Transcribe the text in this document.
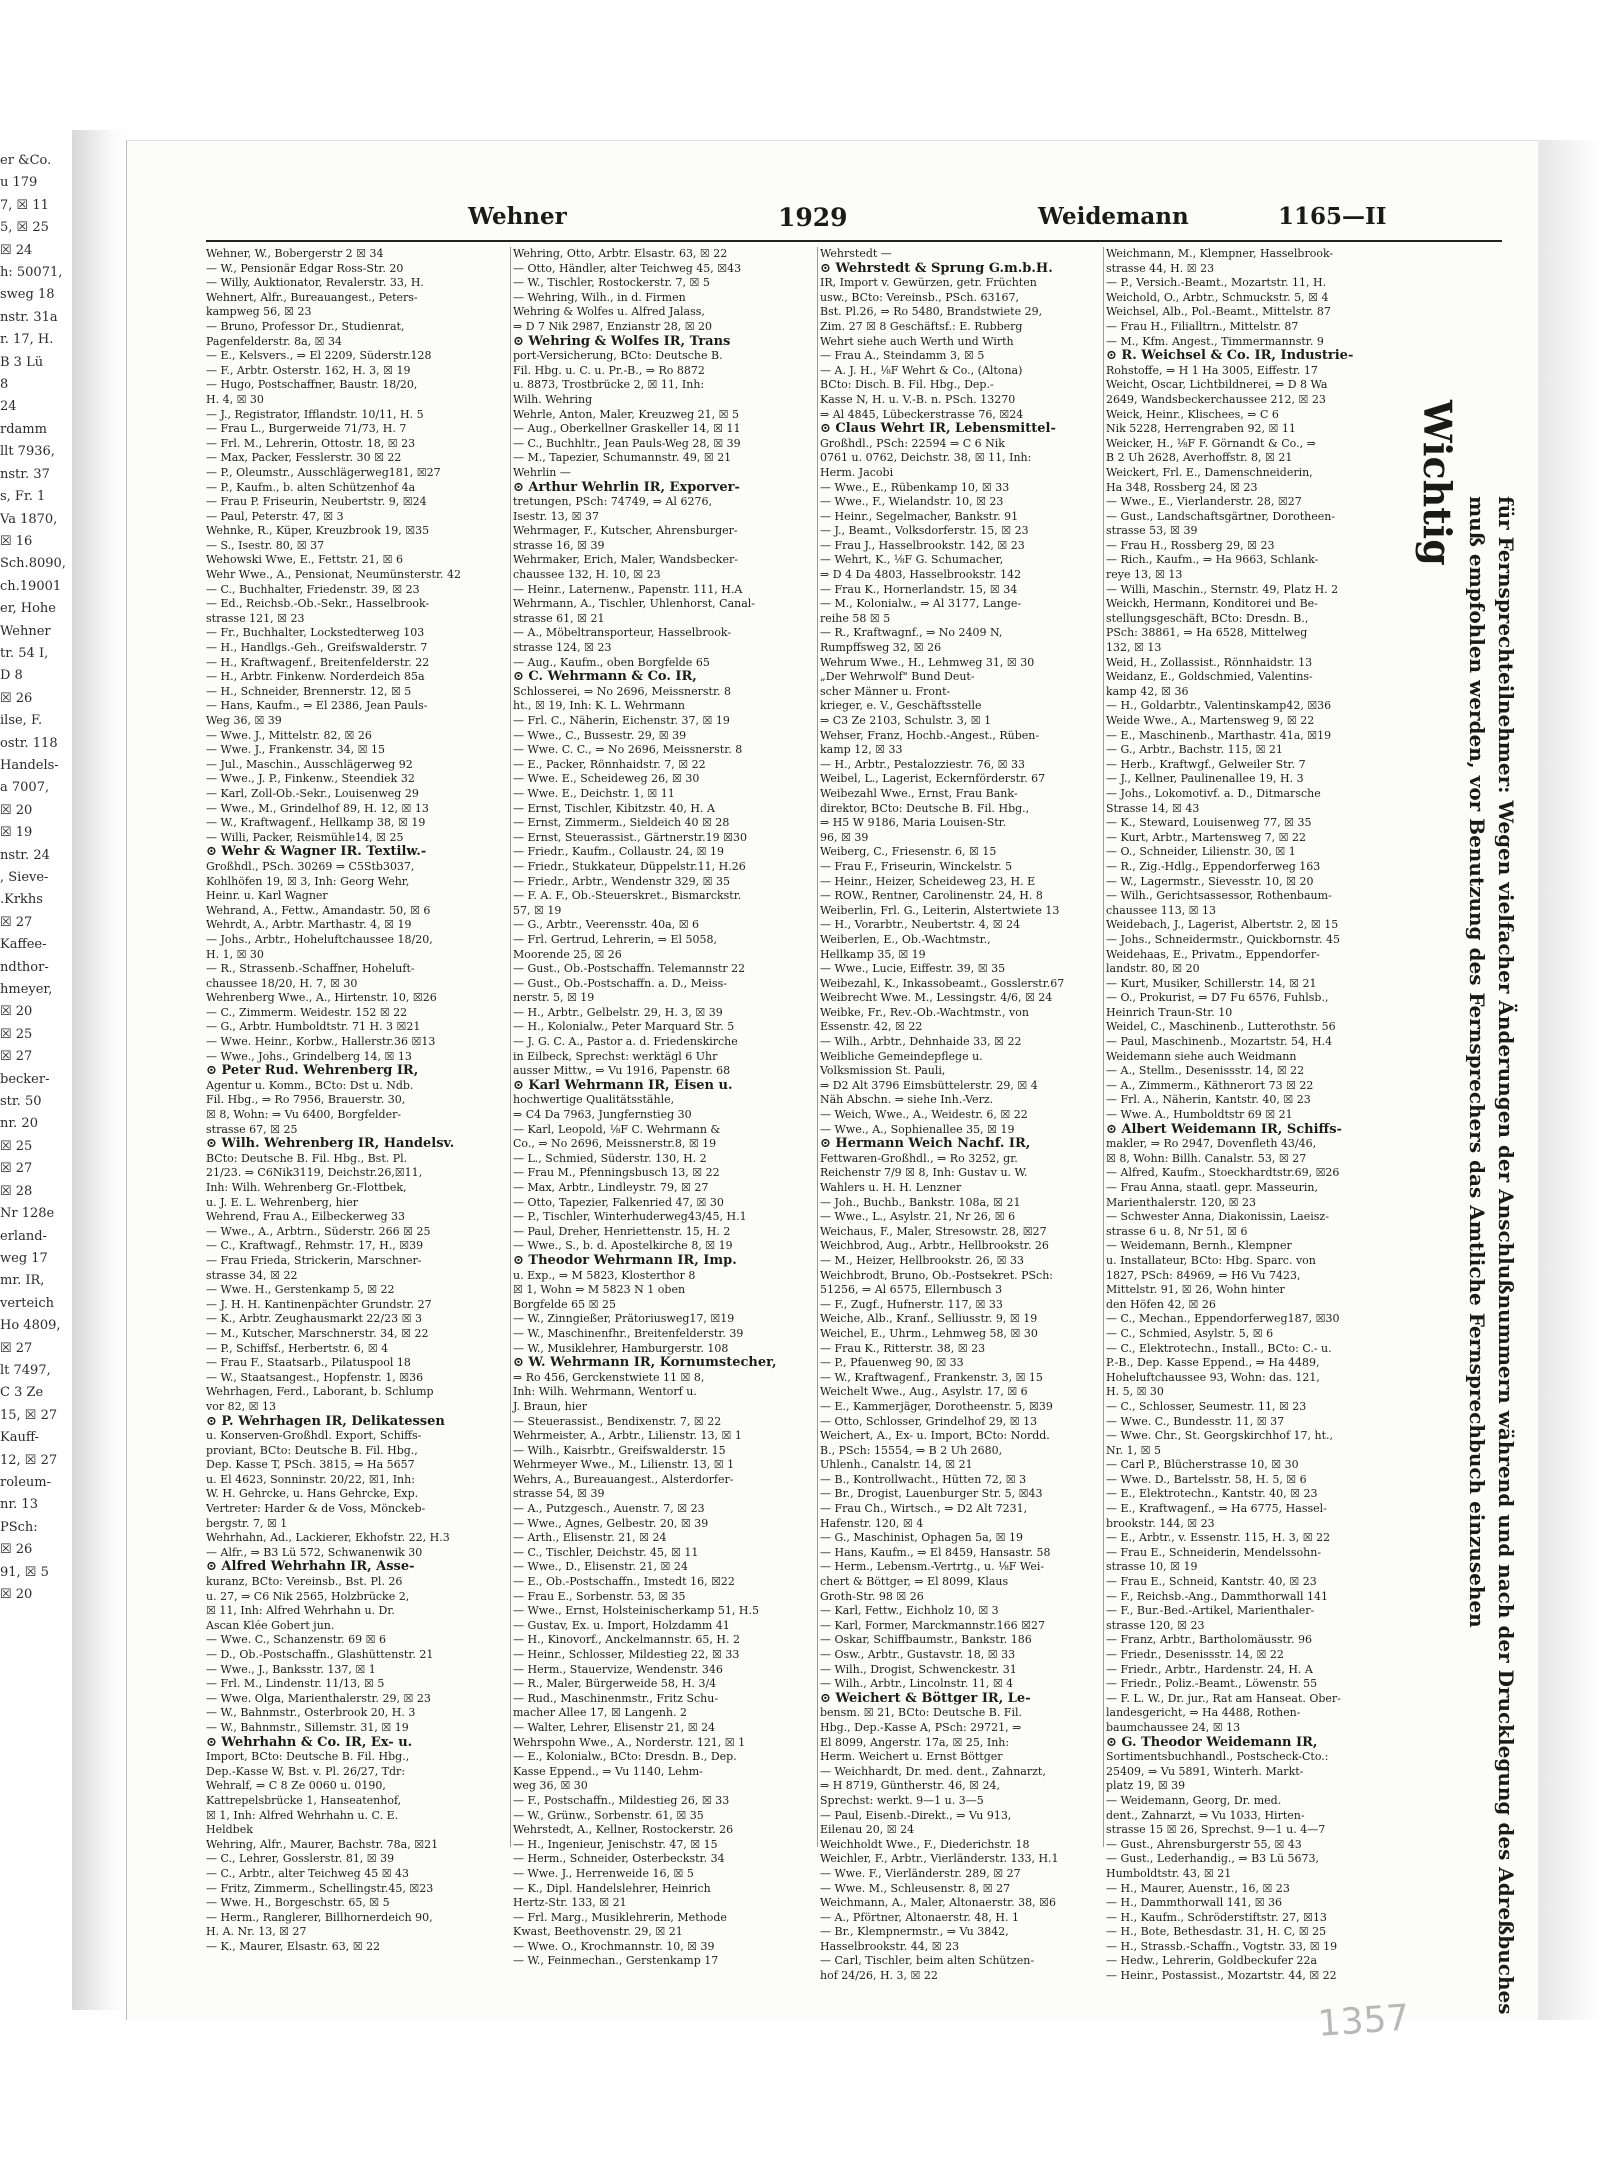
er &Co.
u 179
7, ☒ 11
5, ☒ 25
☒ 24
h: 50071,
sweg 18
nstr. 31a
r. 17, H.
B 3 Lü
8
24
rdamm
llt 7936,
nstr. 37
s, Fr. 1
Va 1870,
☒ 16
Sch.8090,
ch.19001
er, Hohe
Wehner
tr. 54 I,
D 8
☒ 26
ilse, F.
ostr. 118
Handels-
a 7007,
☒ 20
☒ 19
nstr. 24
, Sieve-
.Krkhs
☒ 27
Kaffee-
ndthor-
hmeyer,
☒ 20
☒ 25
☒ 27
becker-
str. 50
nr. 20
☒ 25
☒ 27
☒ 28
Nr 128e
erland-
weg 17
mr. IR,
verteich
Ho 4809,
☒ 27
lt 7497,
C 3 Ze
15, ☒ 27
Kauff-
12, ☒ 27
roleum-
nr. 13
PSch:
☒ 26
91, ☒ 5
☒ 20
Wehner	1929	Weidemann	1165—II

Wehner, W., Bobergerstr 2 ☒ 34

— W., Pensionär Edgar Ross-Str. 20

— Willy, Auktionator, Revalerstr. 33, H.

Wehnert, Alfr., Bureauangest., Peters-

kampweg 56, ☒ 23

— Bruno, Professor Dr., Studienrat,

Pagenfelderstr. 8a, ☒ 34

— E., Kelsvers., ⇒ El 2209, Süderstr.128

— F., Arbtr. Osterstr. 162, H. 3, ☒ 19

— Hugo, Postschaffner, Baustr. 18/20,

H. 4, ☒ 30

— J., Registrator, Ifflandstr. 10/11, H. 5

— Frau L., Burgerweide 71/73, H. 7

— Frl. M., Lehrerin, Ottostr. 18, ☒ 23

— Max, Packer, Fesslerstr. 30 ☒ 22

— P., Oleumstr., Ausschlägerweg181, ☒27

— P., Kaufm., b. alten Schützenhof 4a

— Frau P. Friseurin, Neubertstr. 9, ☒24

— Paul, Peterstr. 47, ☒ 3

Wehnke, R., Küper, Kreuzbrook 19, ☒35

— S., Isestr. 80, ☒ 37

Wehowski Wwe, E., Fettstr. 21, ☒ 6

Wehr Wwe., A., Pensionat, Neumünsterstr. 42

— C., Buchhalter, Friedenstr. 39, ☒ 23

— Ed., Reichsb.-Ob.-Sekr., Hasselbrook-

strasse 121, ☒ 23

— Fr., Buchhalter, Lockstedterweg 103

— H., Handlgs.-Geh., Greifswalderstr. 7

— H., Kraftwagenf., Breitenfelderstr. 22

— H., Arbtr. Finkenw. Norderdeich 85a

— H., Schneider, Brennerstr. 12, ☒ 5

— Hans, Kaufm., ⇒ El 2386, Jean Pauls-

Weg 36, ☒ 39

— Wwe. J., Mittelstr. 82, ☒ 26

— Wwe. J., Frankenstr. 34, ☒ 15

— Jul., Maschin., Ausschlägerweg 92

— Wwe., J. P., Finkenw., Steendiek 32

— Karl, Zoll-Ob.-Sekr., Louisenweg 29

— Wwe., M., Grindelhof 89, H. 12, ☒ 13

— W., Kraftwagenf., Hellkamp 38, ☒ 19

— Willi, Packer, Reismühle14, ☒ 25

⊙ Wehr & Wagner IR. Textilw.-

Großhdl., PSch. 30269 ⇒ C5Stb3037,

Kohlhöfen 19, ☒ 3, Inh: Georg Wehr,

Heinr. u. Karl Wagner

Wehrand, A., Fettw., Amandastr. 50, ☒ 6

Wehrdt, A., Arbtr. Marthastr. 4, ☒ 19

— Johs., Arbtr., Hoheluftchaussee 18/20,

H. 1, ☒ 30

— R., Strassenb.-Schaffner, Hoheluft-

chaussee 18/20, H. 7, ☒ 30

Wehrenberg Wwe., A., Hirtenstr. 10, ☒26

— C., Zimmerm. Weidestr. 152 ☒ 22

— G., Arbtr. Humboldtstr. 71 H. 3 ☒21

— Wwe. Heinr., Korbw., Hallerstr.36 ☒13

— Wwe., Johs., Grindelberg 14, ☒ 13

⊙ Peter Rud. Wehrenberg IR,

Agentur u. Komm., BCto: Dst u. Ndb.

Fil. Hbg., ⇒ Ro 7956, Brauerstr. 30,

☒ 8, Wohn: ⇒ Vu 6400, Borgfelder-

strasse 67, ☒ 25

⊙ Wilh. Wehrenberg IR, Handelsv.

BCto: Deutsche B. Fil. Hbg., Bst. Pl.

21/23. ⇒ C6Nik3119, Deichstr.26,☒11,

Inh: Wilh. Wehrenberg Gr.-Flottbek,

u. J. E. L. Wehrenberg, hier

Wehrend, Frau A., Eilbeckerweg 33

— Wwe., A., Arbtrn., Süderstr. 266 ☒ 25

— C., Kraftwagf., Rehmstr. 17, H., ☒39

— Frau Frieda, Strickerin, Marschner-

strasse 34, ☒ 22

— Wwe. H., Gerstenkamp 5, ☒ 22

— J. H. H. Kantinenpächter Grundstr. 27

— K., Arbtr. Zeughausmarkt 22/23 ☒ 3

— M., Kutscher, Marschnerstr. 34, ☒ 22

— P., Schiffsf., Herbertstr. 6, ☒ 4

— Frau F., Staatsarb., Pilatuspool 18

— W., Staatsangest., Hopfenstr. 1, ☒36

Wehrhagen, Ferd., Laborant, b. Schlump

vor 82, ☒ 13

⊙ P. Wehrhagen IR, Delikatessen

u. Konserven-Großhdl. Export, Schiffs-

proviant, BCto: Deutsche B. Fil. Hbg.,

Dep. Kasse T, PSch. 3815, ⇒ Ha 5657

u. El 4623, Sonninstr. 20/22, ☒1, Inh:

W. H. Gehrcke, u. Hans Gehrcke, Exp.

Vertreter: Harder & de Voss, Mönckeb-

bergstr. 7, ☒ 1

Wehrhahn, Ad., Lackierer, Ekhofstr. 22, H.3

— Alfr., ⇒ B3 Lü 572, Schwanenwik 30

⊙ Alfred Wehrhahn IR, Asse-

kuranz, BCto: Vereinsb., Bst. Pl. 26

u. 27, ⇒ C6 Nik 2565, Holzbrücke 2,

☒ 11, Inh: Alfred Wehrhahn u. Dr.

Ascan Klée Gobert jun.

— Wwe. C., Schanzenstr. 69 ☒ 6

— D., Ob.-Postschaffn., Glashüttenstr. 21

— Wwe., J., Banksstr. 137, ☒ 1

— Frl. M., Lindenstr. 11/13, ☒ 5

— Wwe. Olga, Marienthalerstr. 29, ☒ 23

— W., Bahnmstr., Osterbrook 20, H. 3

— W., Bahnmstr., Sillemstr. 31, ☒ 19

⊙ Wehrhahn & Co. IR, Ex- u.

Import, BCto: Deutsche B. Fil. Hbg.,

Dep.-Kasse W, Bst. v. Pl. 26/27, Tdr:

Wehralf, ⇒ C 8 Ze 0060 u. 0190,

Kattrepelsbrücke 1, Hanseatenhof,

☒ 1, Inh: Alfred Wehrhahn u. C. E.

Heldbek

Wehring, Alfr., Maurer, Bachstr. 78a, ☒21

— C., Lehrer, Gosslerstr. 81, ☒ 39

— C., Arbtr., alter Teichweg 45 ☒ 43

— Fritz, Zimmerm., Schellingstr.45, ☒23

— Wwe. H., Borgeschstr. 65, ☒ 5

— Herm., Ranglerer, Billhornerdeich 90,

H. A. Nr. 13, ☒ 27

— K., Maurer, Elsastr. 63, ☒ 22

Wehring, Otto, Arbtr. Elsastr. 63, ☒ 22

— Otto, Händler, alter Teichweg 45, ☒43

— W., Tischler, Rostockerstr. 7, ☒ 5

— Wehring, Wilh., in d. Firmen

Wehring & Wolfes u. Alfred Jalass,

⇒ D 7 Nik 2987, Enzianstr 28, ☒ 20

⊙ Wehring & Wolfes IR, Trans

port-Versicherung, BCto: Deutsche B.

Fil. Hbg. u. C. u. Pr.-B., ⇒ Ro 8872

u. 8873, Trostbrücke 2, ☒ 11, Inh:

Wilh. Wehring

Wehrle, Anton, Maler, Kreuzweg 21, ☒ 5

— Aug., Oberkellner Graskeller 14, ☒ 11

— C., Buchhltr., Jean Pauls-Weg 28, ☒ 39

— M., Tapezier, Schumannstr. 49, ☒ 21

Wehrlin —

⊙ Arthur Wehrlin IR, Exporver-

tretungen, PSch: 74749, ⇒ Al 6276,

Isestr. 13, ☒ 37

Wehrmager, F., Kutscher, Ahrensburger-

strasse 16, ☒ 39

Wehrmaker, Erich, Maler, Wandsbecker-

chaussee 132, H. 10, ☒ 23

— Heinr., Laternenw., Papenstr. 111, H.A

Wehrmann, A., Tischler, Uhlenhorst, Canal-

strasse 61, ☒ 21

— A., Möbeltransporteur, Hasselbrook-

strasse 124, ☒ 23

— Aug., Kaufm., oben Borgfelde 65

⊙ C. Wehrmann & Co. IR,

Schlosserei, ⇒ No 2696, Meissnerstr. 8

ht., ☒ 19, Inh: K. L. Wehrmann

— Frl. C., Näherin, Eichenstr. 37, ☒ 19

— Wwe., C., Bussestr. 29, ☒ 39

— Wwe. C. C., ⇒ No 2696, Meissnerstr. 8

— E., Packer, Rönnhaidstr. 7, ☒ 22

— Wwe. E., Scheideweg 26, ☒ 30

— Wwe. E., Deichstr. 1, ☒ 11

— Ernst, Tischler, Kibitzstr. 40, H. A

— Ernst, Zimmerm., Sieldeich 40 ☒ 28

— Ernst, Steuerassist., Gärtnerstr.19 ☒30

— Friedr., Kaufm., Collaustr. 24, ☒ 19

— Friedr., Stukkateur, Düppelstr.11, H.26

— Friedr., Arbtr., Wendenstr 329, ☒ 35

— F. A. F., Ob.-Steuerskret., Bismarckstr.

57, ☒ 19

— G., Arbtr., Veerensstr. 40a, ☒ 6

— Frl. Gertrud, Lehrerin, ⇒ El 5058,

Moorende 25, ☒ 26

— Gust., Ob.-Postschaffn. Telemannstr 22

— Gust., Ob.-Postschaffn. a. D., Meiss-

nerstr. 5, ☒ 19

— H., Arbtr., Gelbelstr. 29, H. 3, ☒ 39

— H., Kolonialw., Peter Marquard Str. 5

— J. G. C. A., Pastor a. d. Friedenskirche

in Eilbeck, Sprechst: werktägl 6 Uhr

ausser Mittw., ⇒ Vu 1916, Papenstr. 68

⊙ Karl Wehrmann IR, Eisen u.

hochwertige Qualitätsstähle,

⇒ C4 Da 7963, Jungfernstieg 30

— Karl, Leopold, ⅛F C. Wehrmann &

Co., ⇒ No 2696, Meissnerstr.8, ☒ 19

— L., Schmied, Süderstr. 130, H. 2

— Frau M., Pfenningsbusch 13, ☒ 22

— Max, Arbtr., Lindleystr. 79, ☒ 27

— Otto, Tapezier, Falkenried 47, ☒ 30

— P., Tischler, Winterhuderweg43/45, H.1

— Paul, Dreher, Henriettenstr. 15, H. 2

— Wwe., S., b. d. Apostelkirche 8, ☒ 19

⊙ Theodor Wehrmann IR, Imp.

u. Exp., ⇒ M 5823, Klosterthor 8

☒ 1, Wohn ⇒ M 5823 N 1 oben

Borgfelde 65 ☒ 25

— W., Zinngießer, Prätoriusweg17, ☒19

— W., Maschinenfhr., Breitenfelderstr. 39

— W., Musiklehrer, Hamburgerstr. 108

⊙ W. Wehrmann IR, Kornumstecher,

⇒ Ro 456, Gerckenstwiete 11 ☒ 8,

Inh: Wilh. Wehrmann, Wentorf u.

J. Braun, hier

— Steuerassist., Bendixenstr. 7, ☒ 22

Wehrmeister, A., Arbtr., Lilienstr. 13, ☒ 1

— Wilh., Kaisrbtr., Greifswalderstr. 15

Wehrmeyer Wwe., M., Lilienstr. 13, ☒ 1

Wehrs, A., Bureauangest., Alsterdorfer-

strasse 54, ☒ 39

— A., Putzgesch., Auenstr. 7, ☒ 23

— Wwe., Agnes, Gelbestr. 20, ☒ 39

— Arth., Elisenstr. 21, ☒ 24

— C., Tischler, Deichstr. 45, ☒ 11

— Wwe., D., Elisenstr. 21, ☒ 24

— E., Ob.-Postschaffn., Imstedt 16, ☒22

— Frau E., Sorbenstr. 53, ☒ 35

— Wwe., Ernst, Holsteinischerkamp 51, H.5

— Gustav, Ex. u. Import, Holzdamm 41

— H., Kinovorf., Anckelmannstr. 65, H. 2

— Heinr., Schlosser, Mildestieg 22, ☒ 33

— Herm., Stauervize, Wendenstr. 346

— R., Maler, Bürgerweide 58, H. 3/4

— Rud., Maschinenmstr., Fritz Schu-

macher Allee 17, ☒ Langenh. 2

— Walter, Lehrer, Elisenstr 21, ☒ 24

Wehrspohn Wwe., A., Norderstr. 121, ☒ 1

— E., Kolonialw., BCto: Dresdn. B., Dep.

Kasse Eppend., ⇒ Vu 1140, Lehm-

weg 36, ☒ 30

— F., Postschaffn., Mildestieg 26, ☒ 33

— W., Grünw., Sorbenstr. 61, ☒ 35

Wehrstedt, A., Kellner, Rostockerstr. 26

— H., Ingenieur, Jenischstr. 47, ☒ 15

— Herm., Schneider, Osterbeckstr. 34

— Wwe. J., Herrenweide 16, ☒ 5

— K., Dipl. Handelslehrer, Heinrich

Hertz-Str. 133, ☒ 21

— Frl. Marg., Musiklehrerin, Methode

Kwast, Beethovenstr. 29, ☒ 21

— Wwe. O., Krochmannstr. 10, ☒ 39

— W., Feinmechan., Gerstenkamp 17

Wehrstedt —

⊙ Wehrstedt & Sprung G.m.b.H.

IR, Import v. Gewürzen, getr. Früchten

usw., BCto: Vereinsb., PSch. 63167,

Bst. Pl.26, ⇒ Ro 5480, Brandstwiete 29,

Zim. 27 ☒ 8 Geschäftsf.: E. Rubberg

Wehrt siehe auch Werth und Wirth

— Frau A., Steindamm 3, ☒ 5

— A. J. H., ⅛F Wehrt & Co., (Altona)

BCto: Disch. B. Fil. Hbg., Dep.-

Kasse N, H. u. V.-B. n. PSch. 13270

⇒ Al 4845, Lübeckerstrasse 76, ☒24

⊙ Claus Wehrt IR, Lebensmittel-

Großhdl., PSch: 22594 ⇒ C 6 Nik

0761 u. 0762, Deichstr. 38, ☒ 11, Inh:

Herm. Jacobi

— Wwe., E., Rübenkamp 10, ☒ 33

— Wwe., F., Wielandstr. 10, ☒ 23

— Heinr., Segelmacher, Bankstr. 91

— J., Beamt., Volksdorferstr. 15, ☒ 23

— Frau J., Hasselbrookstr. 142, ☒ 23

— Wehrt, K., ⅛F G. Schumacher,

⇒ D 4 Da 4803, Hasselbrookstr. 142

— Frau K., Hornerlandstr. 15, ☒ 34

— M., Kolonialw., ⇒ Al 3177, Lange-

reihe 58 ☒ 5

— R., Kraftwagnf., ⇒ No 2409 N,

Rumpffsweg 32, ☒ 26

Wehrum Wwe., H., Lehmweg 31, ☒ 30

„Der Wehrwolf" Bund Deut-

scher Männer u. Front-

krieger, e. V., Geschäftsstelle

⇒ C3 Ze 2103, Schulstr. 3, ☒ 1

Wehser, Franz, Hochb.-Angest., Rüben-

kamp 12, ☒ 33

— H., Arbtr., Pestalozziestr. 76, ☒ 33

Weibel, L., Lagerist, Eckernförderstr. 67

Weibezahl Wwe., Ernst, Frau Bank-

direktor, BCto: Deutsche B. Fil. Hbg.,

⇒ H5 W 9186, Maria Louisen-Str.

96, ☒ 39

Weiberg, C., Friesenstr. 6, ☒ 15

— Frau F., Friseurin, Winckelstr. 5

— Heinr., Heizer, Scheideweg 23, H. E

— ROW., Rentner, Carolinenstr. 24, H. 8

Weiberlin, Frl. G., Leiterin, Alstertwiete 13

— H., Vorarbtr., Neubertstr. 4, ☒ 24

Weiberlen, E., Ob.-Wachtmstr.,

Hellkamp 35, ☒ 19

— Wwe., Lucie, Eiffestr. 39, ☒ 35

Weibezahl, K., Inkassobeamt., Gosslerstr.67

Weibrecht Wwe. M., Lessingstr. 4/6, ☒ 24

Weibke, Fr., Rev.-Ob.-Wachtmstr., von

Essenstr. 42, ☒ 22

— Wilh., Arbtr., Dehnhaide 33, ☒ 22

Weibliche Gemeindepflege u.

Volksmission St. Pauli,

⇒ D2 Alt 3796 Eimsbüttelerstr. 29, ☒ 4

Näh Abschn. ⇒ siehe Inh.-Verz.

— Weich, Wwe., A., Weidestr. 6, ☒ 22

— Wwe., A., Sophienallee 35, ☒ 19

⊙ Hermann Weich Nachf. IR,

Fettwaren-Großhdl., ⇒ Ro 3252, gr.

Reichenstr 7/9 ☒ 8, Inh: Gustav u. W.

Wahlers u. H. H. Lenzner

— Joh., Buchb., Bankstr. 108a, ☒ 21

— Wwe., L., Asylstr. 21, Nr 26, ☒ 6

Weichaus, F., Maler, Stresowstr. 28, ☒27

Weichbrod, Aug., Arbtr., Hellbrookstr. 26

— M., Heizer, Hellbrookstr. 26, ☒ 33

Weichbrodt, Bruno, Ob.-Postsekret. PSch:

51256, ⇒ Al 6575, Ellernbusch 3

— F., Zugf., Hufnerstr. 117, ☒ 33

Weiche, Alb., Kranf., Selliusstr. 9, ☒ 19

Weichel, E., Uhrm., Lehmweg 58, ☒ 30

— Frau K., Ritterstr. 38, ☒ 23

— P., Pfauenweg 90, ☒ 33

— W., Kraftwagenf., Frankenstr. 3, ☒ 15

Weichelt Wwe., Aug., Asylstr. 17, ☒ 6

— E., Kammerjäger, Dorotheenstr. 5, ☒39

— Otto, Schlosser, Grindelhof 29, ☒ 13

Weichert, A., Ex- u. Import, BCto: Nordd.

B., PSch: 15554, ⇒ B 2 Uh 2680,

Uhlenh., Canalstr. 14, ☒ 21

— B., Kontrollwacht., Hütten 72, ☒ 3

— Br., Drogist, Lauenburger Str. 5, ☒43

— Frau Ch., Wirtsch., ⇒ D2 Alt 7231,

Hafenstr. 120, ☒ 4

— G., Maschinist, Ophagen 5a, ☒ 19

— Hans, Kaufm., ⇒ El 8459, Hansastr. 58

— Herm., Lebensm.-Vertrtg., u. ⅛F Wei-

chert & Böttger, ⇒ El 8099, Klaus

Groth-Str. 98 ☒ 26

— Karl, Fettw., Eichholz 10, ☒ 3

— Karl, Former, Marckmannstr.166 ☒27

— Oskar, Schiffbaumstr., Bankstr. 186

— Osw., Arbtr., Gustavstr. 18, ☒ 33

— Wilh., Drogist, Schwenckestr. 31

— Wilh., Arbtr., Lincolnstr. 11, ☒ 4

⊙ Weichert & Böttger IR, Le-

bensm. ☒ 21, BCto: Deutsche B. Fil.

Hbg., Dep.-Kasse A, PSch: 29721, ⇒

El 8099, Angerstr. 17a, ☒ 25, Inh:

Herm. Weichert u. Ernst Böttger

— Weichhardt, Dr. med. dent., Zahnarzt,

⇒ H 8719, Güntherstr. 46, ☒ 24,

Sprechst: werkt. 9—1 u. 3—5

— Paul, Eisenb.-Direkt., ⇒ Vu 913,

Eilenau 20, ☒ 24

Weichholdt Wwe., F., Diederichstr. 18

Weichler, F., Arbtr., Vierländerstr. 133, H.1

— Wwe. F., Vierländerstr. 289, ☒ 27

— Wwe. M., Schleusenstr. 8, ☒ 27

Weichmann, A., Maler, Altonaerstr. 38, ☒6

— A., Pförtner, Altonaerstr. 48, H. 1

— Br., Klempnermstr., ⇒ Vu 3842,

Hasselbrookstr. 44, ☒ 23

— Carl, Tischler, beim alten Schützen-

hof 24/26, H. 3, ☒ 22

Weichmann, M., Klempner, Hasselbrook-

strasse 44, H. ☒ 23

— P., Versich.-Beamt., Mozartstr. 11, H.

Weichold, O., Arbtr., Schmuckstr. 5, ☒ 4

Weichsel, Alb., Pol.-Beamt., Mittelstr. 87

— Frau H., Filialltrn., Mittelstr. 87

— M., Kfm. Angest., Timmermannstr. 9

⊙ R. Weichsel & Co. IR, Industrie-

Rohstoffe, ⇒ H 1 Ha 3005, Eiffestr. 17

Weicht, Oscar, Lichtbildnerei, ⇒ D 8 Wa

2649, Wandsbeckerchaussee 212, ☒ 23

Weick, Heinr., Klischees, ⇒ C 6

Nik 5228, Herrengraben 92, ☒ 11

Weicker, H., ⅛F F. Görnandt & Co., ⇒

B 2 Uh 2628, Averhoffstr. 8, ☒ 21

Weickert, Frl. E., Damenschneiderin,

Ha 348, Rossberg 24, ☒ 23

— Wwe., E., Vierlanderstr. 28, ☒27

— Gust., Landschaftsgärtner, Dorotheen-

strasse 53, ☒ 39

— Frau H., Rossberg 29, ☒ 23

— Rich., Kaufm., ⇒ Ha 9663, Schlank-

reye 13, ☒ 13

— Willi, Maschin., Sternstr. 49, Platz H. 2

Weickh, Hermann, Konditorei und Be-

stellungsgeschäft, BCto: Dresdn. B.,

PSch: 38861, ⇒ Ha 6528, Mittelweg

132, ☒ 13

Weid, H., Zollassist., Rönnhaidstr. 13

Weidanz, E., Goldschmied, Valentins-

kamp 42, ☒ 36

— H., Goldarbtr., Valentinskamp42, ☒36

Weide Wwe., A., Martensweg 9, ☒ 22

— E., Maschinenb., Marthastr. 41a, ☒19

— G., Arbtr., Bachstr. 115, ☒ 21

— Herb., Kraftwgf., Gelweiler Str. 7

— J., Kellner, Paulinenallee 19, H. 3

— Johs., Lokomotivf. a. D., Ditmarsche

Strasse 14, ☒ 43

— K., Steward, Louisenweg 77, ☒ 35

— Kurt, Arbtr., Martensweg 7, ☒ 22

— O., Schneider, Lilienstr. 30, ☒ 1

— R., Zig.-Hdlg., Eppendorferweg 163

— W., Lagermstr., Sievesstr. 10, ☒ 20

— Wilh., Gerichtsassessor, Rothenbaum-

chaussee 113, ☒ 13

Weidebach, J., Lagerist, Albertstr. 2, ☒ 15

— Johs., Schneidermstr., Quickbornstr. 45

Weidehaas, E., Privatm., Eppendorfer-

landstr. 80, ☒ 20

— Kurt, Musiker, Schillerstr. 14, ☒ 21

— O., Prokurist, ⇒ D7 Fu 6576, Fuhlsb.,

Heinrich Traun-Str. 10

Weidel, C., Maschinenb., Lutterothstr. 56

— Paul, Maschinenb., Mozartstr. 54, H.4

Weidemann siehe auch Weidmann

— A., Stellm., Desenissstr. 14, ☒ 22

— A., Zimmerm., Käthnerort 73 ☒ 22

— Frl. A., Näherin, Kantstr. 40, ☒ 23

— Wwe. A., Humboldtstr 69 ☒ 21

⊙ Albert Weidemann IR, Schiffs-

makler, ⇒ Ro 2947, Dovenfleth 43/46,

☒ 8, Wohn: Billh. Canalstr. 53, ☒ 27

— Alfred, Kaufm., Stoeckhardtstr.69, ☒26

— Frau Anna, staatl. gepr. Masseurin,

Marienthalerstr. 120, ☒ 23

— Schwester Anna, Diakonissin, Laeisz-

strasse 6 u. 8, Nr 51, ☒ 6

— Weidemann, Bernh., Klempner

u. Installateur, BCto: Hbg. Sparc. von

1827, PSch: 84969, ⇒ H6 Vu 7423,

Mittelstr. 91, ☒ 26, Wohn hinter

den Höfen 42, ☒ 26

— C., Mechan., Eppendorferweg187, ☒30

— C., Schmied, Asylstr. 5, ☒ 6

— C., Elektrotechn., Install., BCto: C.- u.

P.-B., Dep. Kasse Eppend., ⇒ Ha 4489,

Hoheluftchaussee 93, Wohn: das. 121,

H. 5, ☒ 30

— C., Schlosser, Seumestr. 11, ☒ 23

— Wwe. C., Bundesstr. 11, ☒ 37

— Wwe. Chr., St. Georgskirchhof 17, ht.,

Nr. 1, ☒ 5

— Carl P., Blücherstrasse 10, ☒ 30

— Wwe. D., Bartelsstr. 58, H. 5, ☒ 6

— E., Elektrotechn., Kantstr. 40, ☒ 23

— E., Kraftwagenf., ⇒ Ha 6775, Hassel-

brookstr. 144, ☒ 23

— E., Arbtr., v. Essenstr. 115, H. 3, ☒ 22

— Frau E., Schneiderin, Mendelssohn-

strasse 10, ☒ 19

— Frau E., Schneid, Kantstr. 40, ☒ 23

— F., Reichsb.-Ang., Dammthorwall 141

— F., Bur.-Bed.-Artikel, Marienthaler-

strasse 120, ☒ 23

— Franz, Arbtr., Bartholomäusstr. 96

— Friedr., Desenissstr. 14, ☒ 22

— Friedr., Arbtr., Hardenstr. 24, H. A

— Friedr., Poliz.-Beamt., Löwenstr. 55

— F. L. W., Dr. jur., Rat am Hanseat. Ober-

landesgericht, ⇒ Ha 4488, Rothen-

baumchaussee 24, ☒ 13

⊙ G. Theodor Weidemann IR,

Sortimentsbuchhandl., Postscheck-Cto.:

25409, ⇒ Vu 5891, Winterh. Markt-

platz 19, ☒ 39

— Weidemann, Georg, Dr. med.

dent., Zahnarzt, ⇒ Vu 1033, Hirten-

strasse 15 ☒ 26, Sprechst. 9—1 u. 4—7

— Gust., Ahrensburgerstr 55, ☒ 43

— Gust., Lederhandig., ⇒ B3 Lü 5673,

Humboldtstr. 43, ☒ 21

— H., Maurer, Auenstr., 16, ☒ 23

— H., Dammthorwall 141, ☒ 36

— H., Kaufm., Schröderstiftstr. 27, ☒13

— H., Bote, Bethesdastr. 31, H. C, ☒ 25

— H., Strassb.-Schaffn., Vogtstr. 33, ☒ 19

— Hedw., Lehrerin, Goldbeckufer 22a

— Heinr., Postassist., Mozartstr. 44, ☒ 22

Wichtig
für Fernsprechteilnehmer: Wegen vielfacher Änderungen der Anschlußnummern während und nach der Drucklegung des Adreßbuches muß empfohlen werden, vor Benutzung des Fernsprechers das Amtliche Fernsprechbuch einzusehen
1357
